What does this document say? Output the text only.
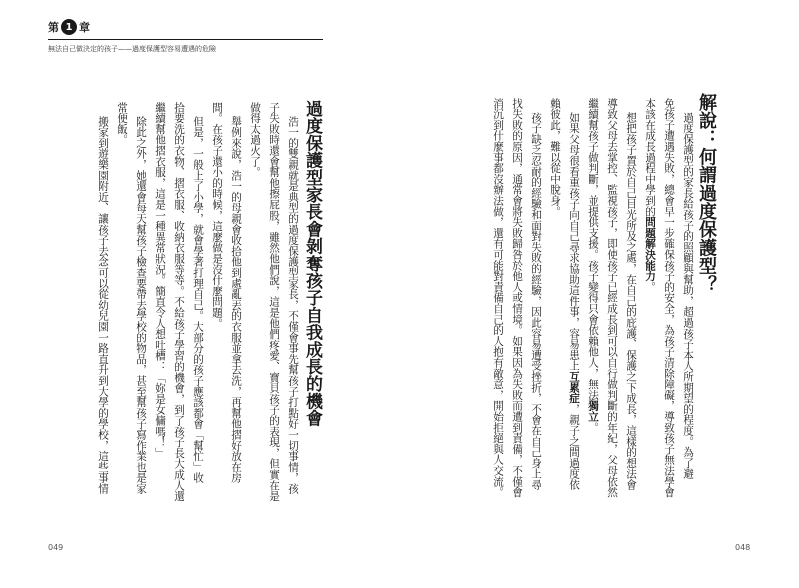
第 1 章
無法自己做決定的孩子——過度保護型容易遭遇的危險
解說：何謂過度保護型？
過度保護型的家長給孩子的照顧與幫助，超過孩子本人所期望的程度。為了避
免孩子遭遇失敗，總會早一步確保孩子的安全，為孩子清除障礙，導致孩子無法學會
本該在成長過程中學到的問題解決能力。
想把孩子置於自己目光所及之處，在自己的庇護、保護之下成長，這樣的想法會
導致父母去掌控、監視孩子，即使孩子已經成長到可以自行做判斷的年紀，父母依然
繼續幫孩子做判斷，並提供支援。孩子變得只會依賴他人，無法獨立。
如果父母很看重孩子向自己尋求協助這件事，容易患上互累症，親子之間過度依
賴彼此，難以從中脫身。
孩子缺乏忍耐的經驗和面對失敗的經驗，因此容易遭受挫折，不會在自己身上尋
找失敗的原因，通常會將失敗歸咎於他人或情境。如果因為失敗而遭到責備，不僅會
消沉到什麼事都沒辦法做，還有可能對責備自己的人抱有敵意，開始拒絕與人交流。
048
過度保護型家長會剝奪孩子自我成長的機會
浩一的雙親就是典型的過度保護型家長，不僅會事先幫孩子打點好一切事情，孩
子失敗時還會幫他擦屁股，雖然他們說，這是他們疼愛、寶貝孩子的表現，但實在是
做得太過火了。
舉例來說，浩一的母親會收拾他到處亂丟的衣服並拿去洗，再幫他摺好放在房
間。在孩子還小的時候，這麼做是沒什麼問題。
但是，一般上了小學，就會學著打理自己。大部分的孩子應該都會「幫忙」收
拾要洗的衣物、摺衣服、收納衣服等等。不給孩子學習的機會，到了孩子長大成人還
繼續幫他摺衣服，這是一種異常狀況。簡直令人想吐槽：「妳是女傭嗎！」
除此之外，她還會每天幫孩子檢查要帶去學校的物品，甚至幫孩子寫作業也是家
常便飯。
搬家到遊樂園附近、讓孩子去念可以從幼兒園一路直升到大學的學校，這些事情
049
